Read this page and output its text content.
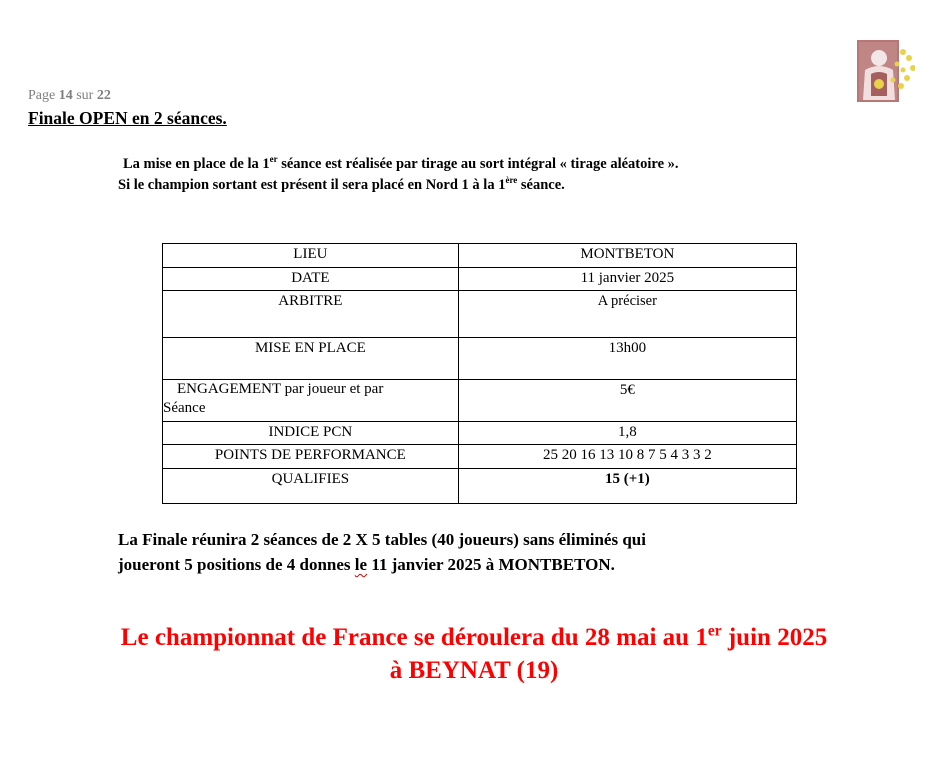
Page 14 sur 22
Finale OPEN en 2 séances.
La mise en place de la 1er séance est réalisée par tirage au sort intégral « tirage aléatoire ».
Si le champion sortant est présent il sera placé en Nord 1 à la 1ère séance.
LIEU	MONTBETON
DATE	11 janvier 2025
ARBITRE	A préciser
MISE EN PLACE	13h00

ENGAGEMENT par joueur et par
Séance	5€
INDICE PCN	1,8
POINTS DE PERFORMANCE	25 20 16 13 10 8 7 5 4 3 3 2
QUALIFIES	15 (+1)
La Finale réunira 2 séances de 2 X 5 tables (40 joueurs) sans éliminés qui
joueront 5 positions de 4 donnes le 11 janvier 2025 à MONTBETON.
Le championnat de France se déroulera du 28 mai au 1er juin 2025
à BEYNAT (19)
